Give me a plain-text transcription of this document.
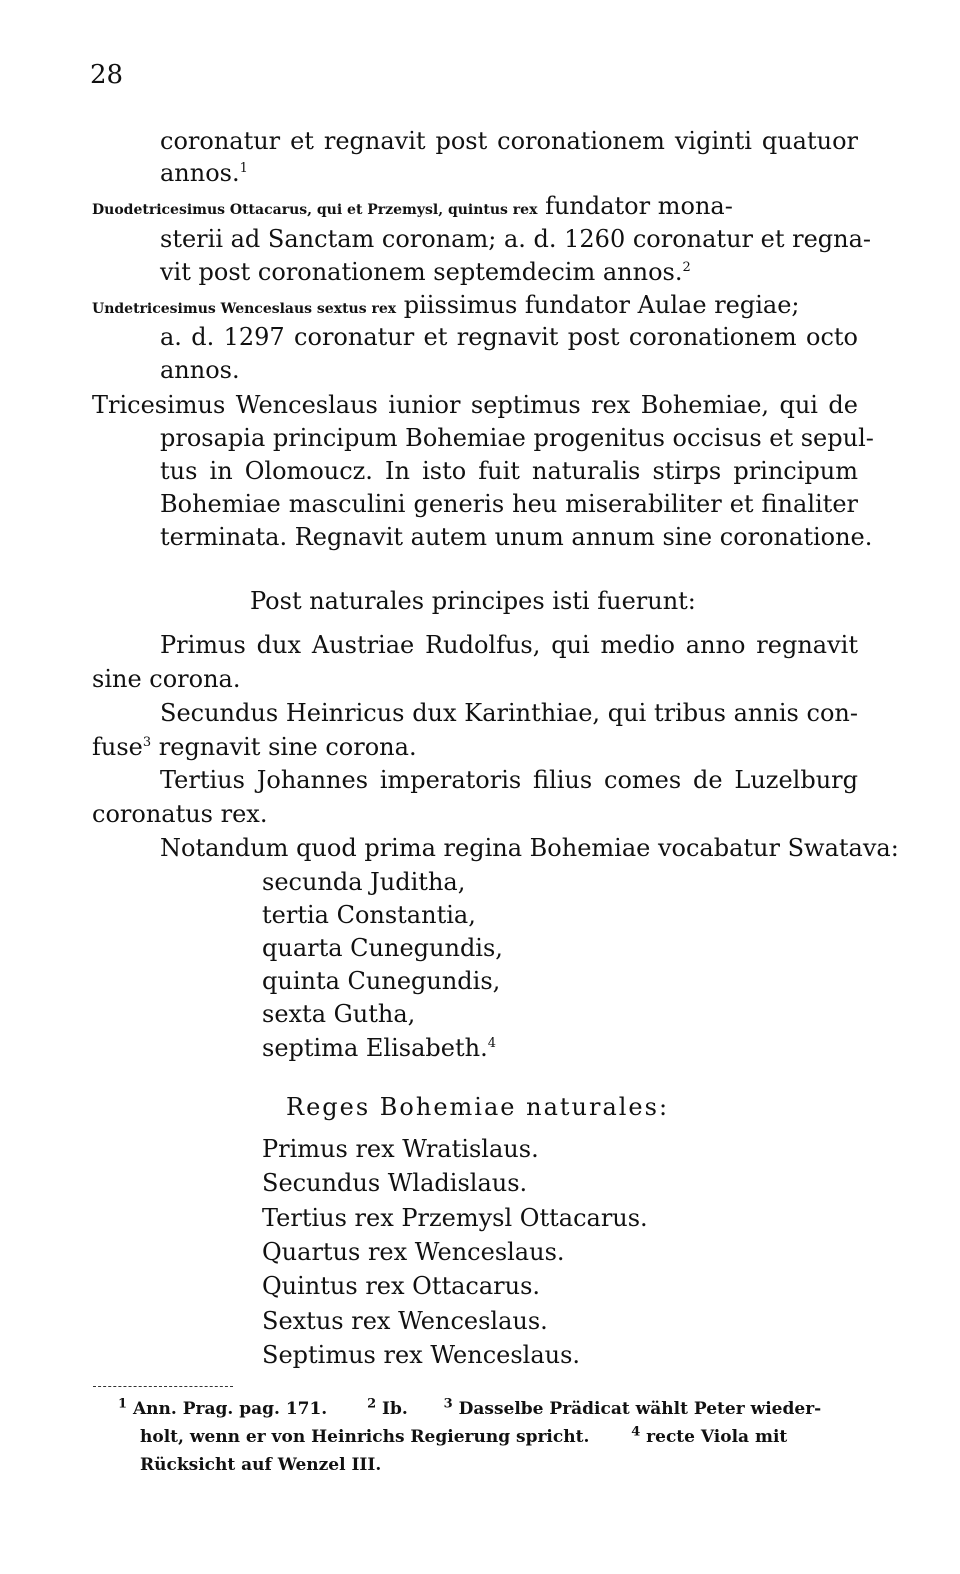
28
coronatur et regnavit post coronationem viginti quatuor
annos.$^1$
Duodetricesimus Ottacarus, qui et Przemysl, quintus rex fundator mona-
sterii ad Sanctam coronam; a. d. 1260 coronatur et regna-
vit post coronationem septemdecim annos.$^2$
Undetricesimus Wenceslaus sextus rex piissimus fundator Aulae regiae;
a. d. 1297 coronatur et regnavit post coronationem octo
annos.
Tricesimus Wenceslaus iunior septimus rex Bohemiae, qui de
prosapia principum Bohemiae progenitus occisus et sepul-
tus in Olomoucz. In isto fuit naturalis stirps principum
Bohemiae masculini generis heu miserabiliter et finaliter
terminata. Regnavit autem unum annum sine coronatione.
Post naturales principes isti fuerunt:
Primus dux Austriae Rudolfus, qui medio anno regnavit
sine corona.
Secundus Heinricus dux Karinthiae, qui tribus annis con-
fuse$^3$ regnavit sine corona.
Tertius Johannes imperatoris filius comes de Luzelburg
coronatus rex.
Notandum quod prima regina Bohemiae vocabatur Swatava:
secunda Juditha,
tertia Constantia,
quarta Cunegundis,
quinta Cunegundis,
sexta Gutha,
septima Elisabeth.$^4$
Reges Bohemiae naturales:
Primus rex Wratislaus.
Secundus Wladislaus.
Tertius rex Przemysl Ottacarus.
Quartus rex Wenceslaus.
Quintus rex Ottacarus.
Sextus rex Wenceslaus.
Septimus rex Wenceslaus.
$^1$ Ann. Prag. pag. 171.	$^2$ Ib.	$^3$ Dasselbe Prädicat wählt Peter wieder-
holt, wenn er von Heinrichs Regierung spricht.	$^4$ recte Viola mit
Rücksicht auf Wenzel III.
